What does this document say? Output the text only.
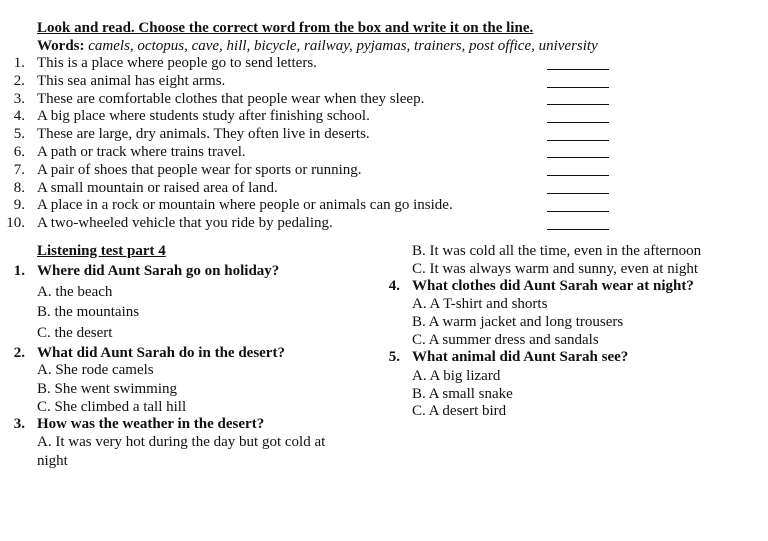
Look and read. Choose the correct word from the box and write it on the line.
Words: camels, octopus, cave, hill, bicycle, railway, pyjamas, trainers, post office, university
1. This is a place where people go to send letters.
2. This sea animal has eight arms.
3. These are comfortable clothes that people wear when they sleep.
4. A big place where students study after finishing school.
5. These are large, dry animals. They often live in deserts.
6. A path or track where trains travel.
7. A pair of shoes that people wear for sports or running.
8. A small mountain or raised area of land.
9. A place in a rock or mountain where people or animals can go inside.
10. A two-wheeled vehicle that you ride by pedaling.
Listening test part 4
1. Where did Aunt Sarah go on holiday?
A. the beach
B. the mountains
C. the desert
2. What did Aunt Sarah do in the desert?
A. She rode camels
B. She went swimming
C. She climbed a tall hill
3. How was the weather in the desert?
A. It was very hot during the day but got cold at night
B. It was cold all the time, even in the afternoon
C. It was always warm and sunny, even at night
4. What clothes did Aunt Sarah wear at night?
A. A T-shirt and shorts
B. A warm jacket and long trousers
C. A summer dress and sandals
5. What animal did Aunt Sarah see?
A. A big lizard
B. A small snake
C. A desert bird
